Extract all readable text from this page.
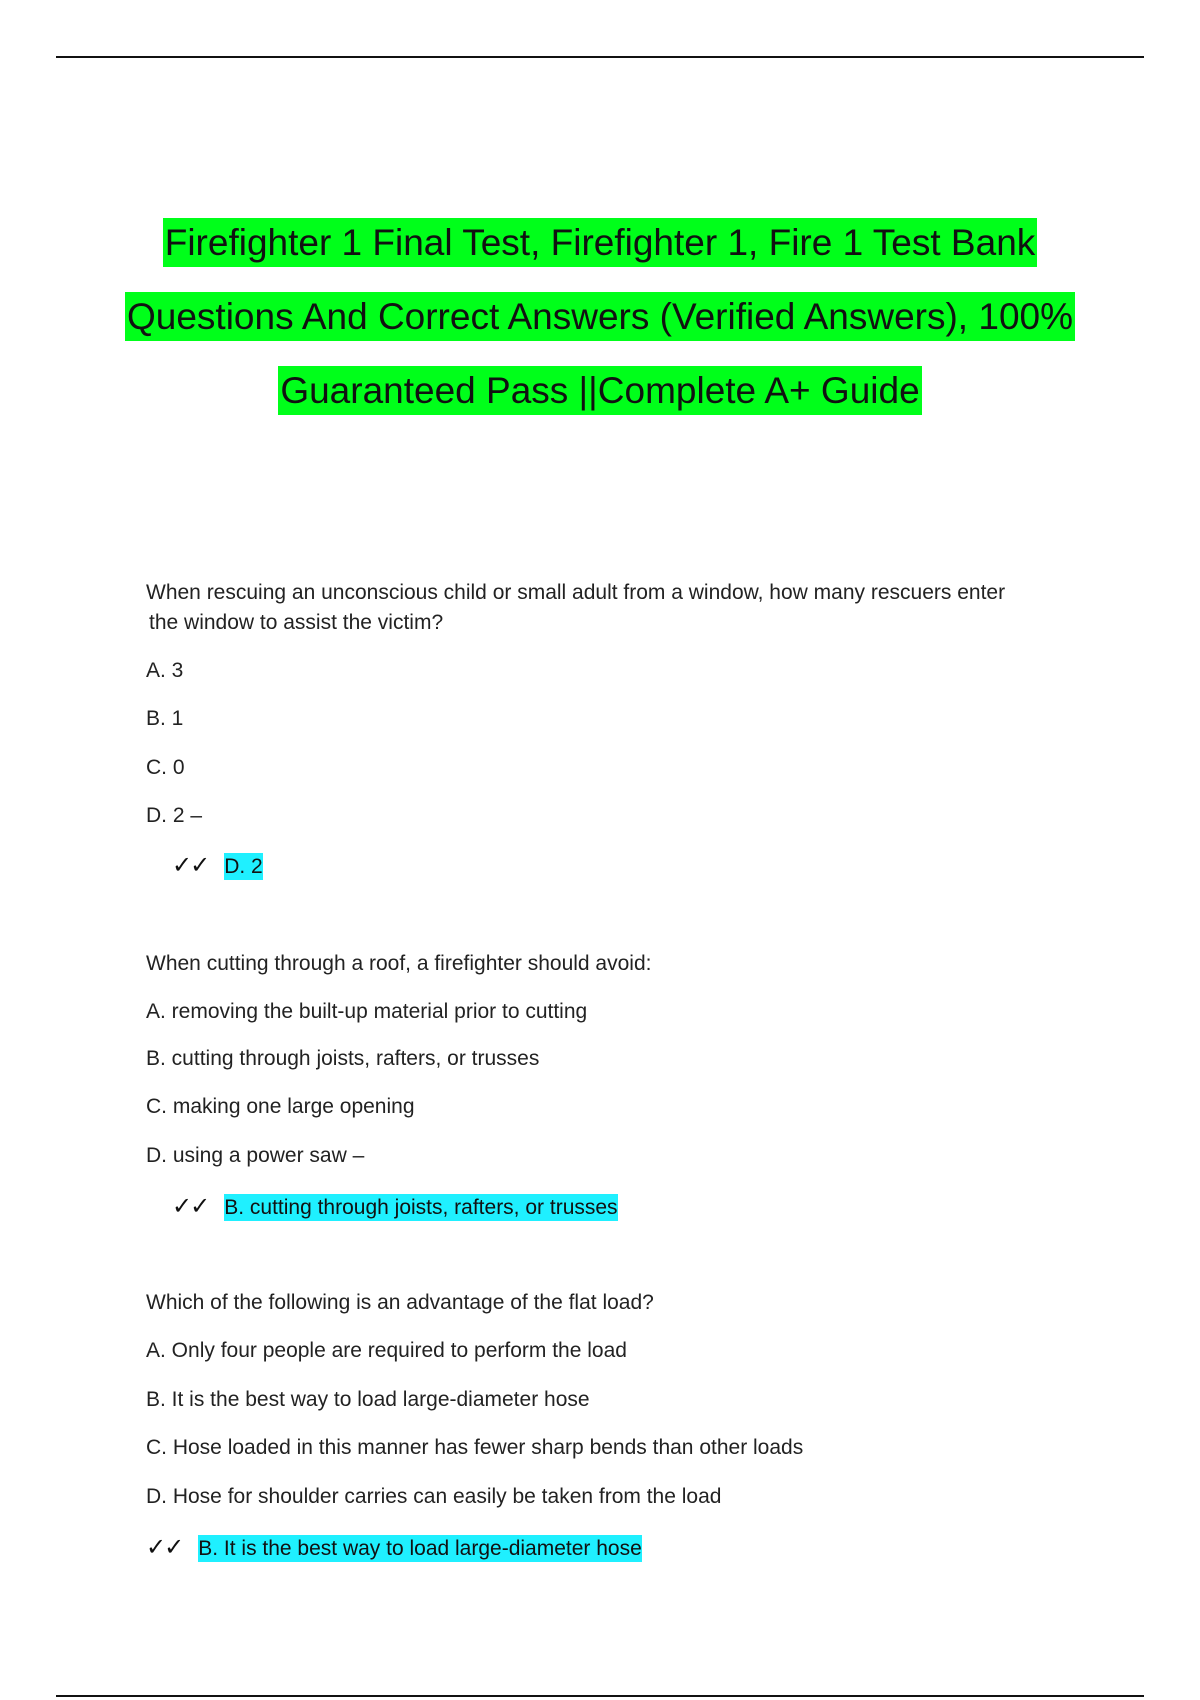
Firefighter 1 Final Test, Firefighter 1, Fire 1 Test Bank
Questions And Correct Answers (Verified Answers), 100%
Guaranteed Pass ||Complete A+ Guide

When rescuing an unconscious child or small adult from a window, how many rescuers enter
the window to assist the victim?

A. 3

B. 1

C. 0

D. 2 –

✓✓ D. 2

When cutting through a roof, a firefighter should avoid:

A. removing the built-up material prior to cutting

B. cutting through joists, rafters, or trusses

C. making one large opening

D. using a power saw –

✓✓ B. cutting through joists, rafters, or trusses

Which of the following is an advantage of the flat load?

A. Only four people are required to perform the load

B. It is the best way to load large-diameter hose

C. Hose loaded in this manner has fewer sharp bends than other loads

D. Hose for shoulder carries can easily be taken from the load

✓✓ B. It is the best way to load large-diameter hose
